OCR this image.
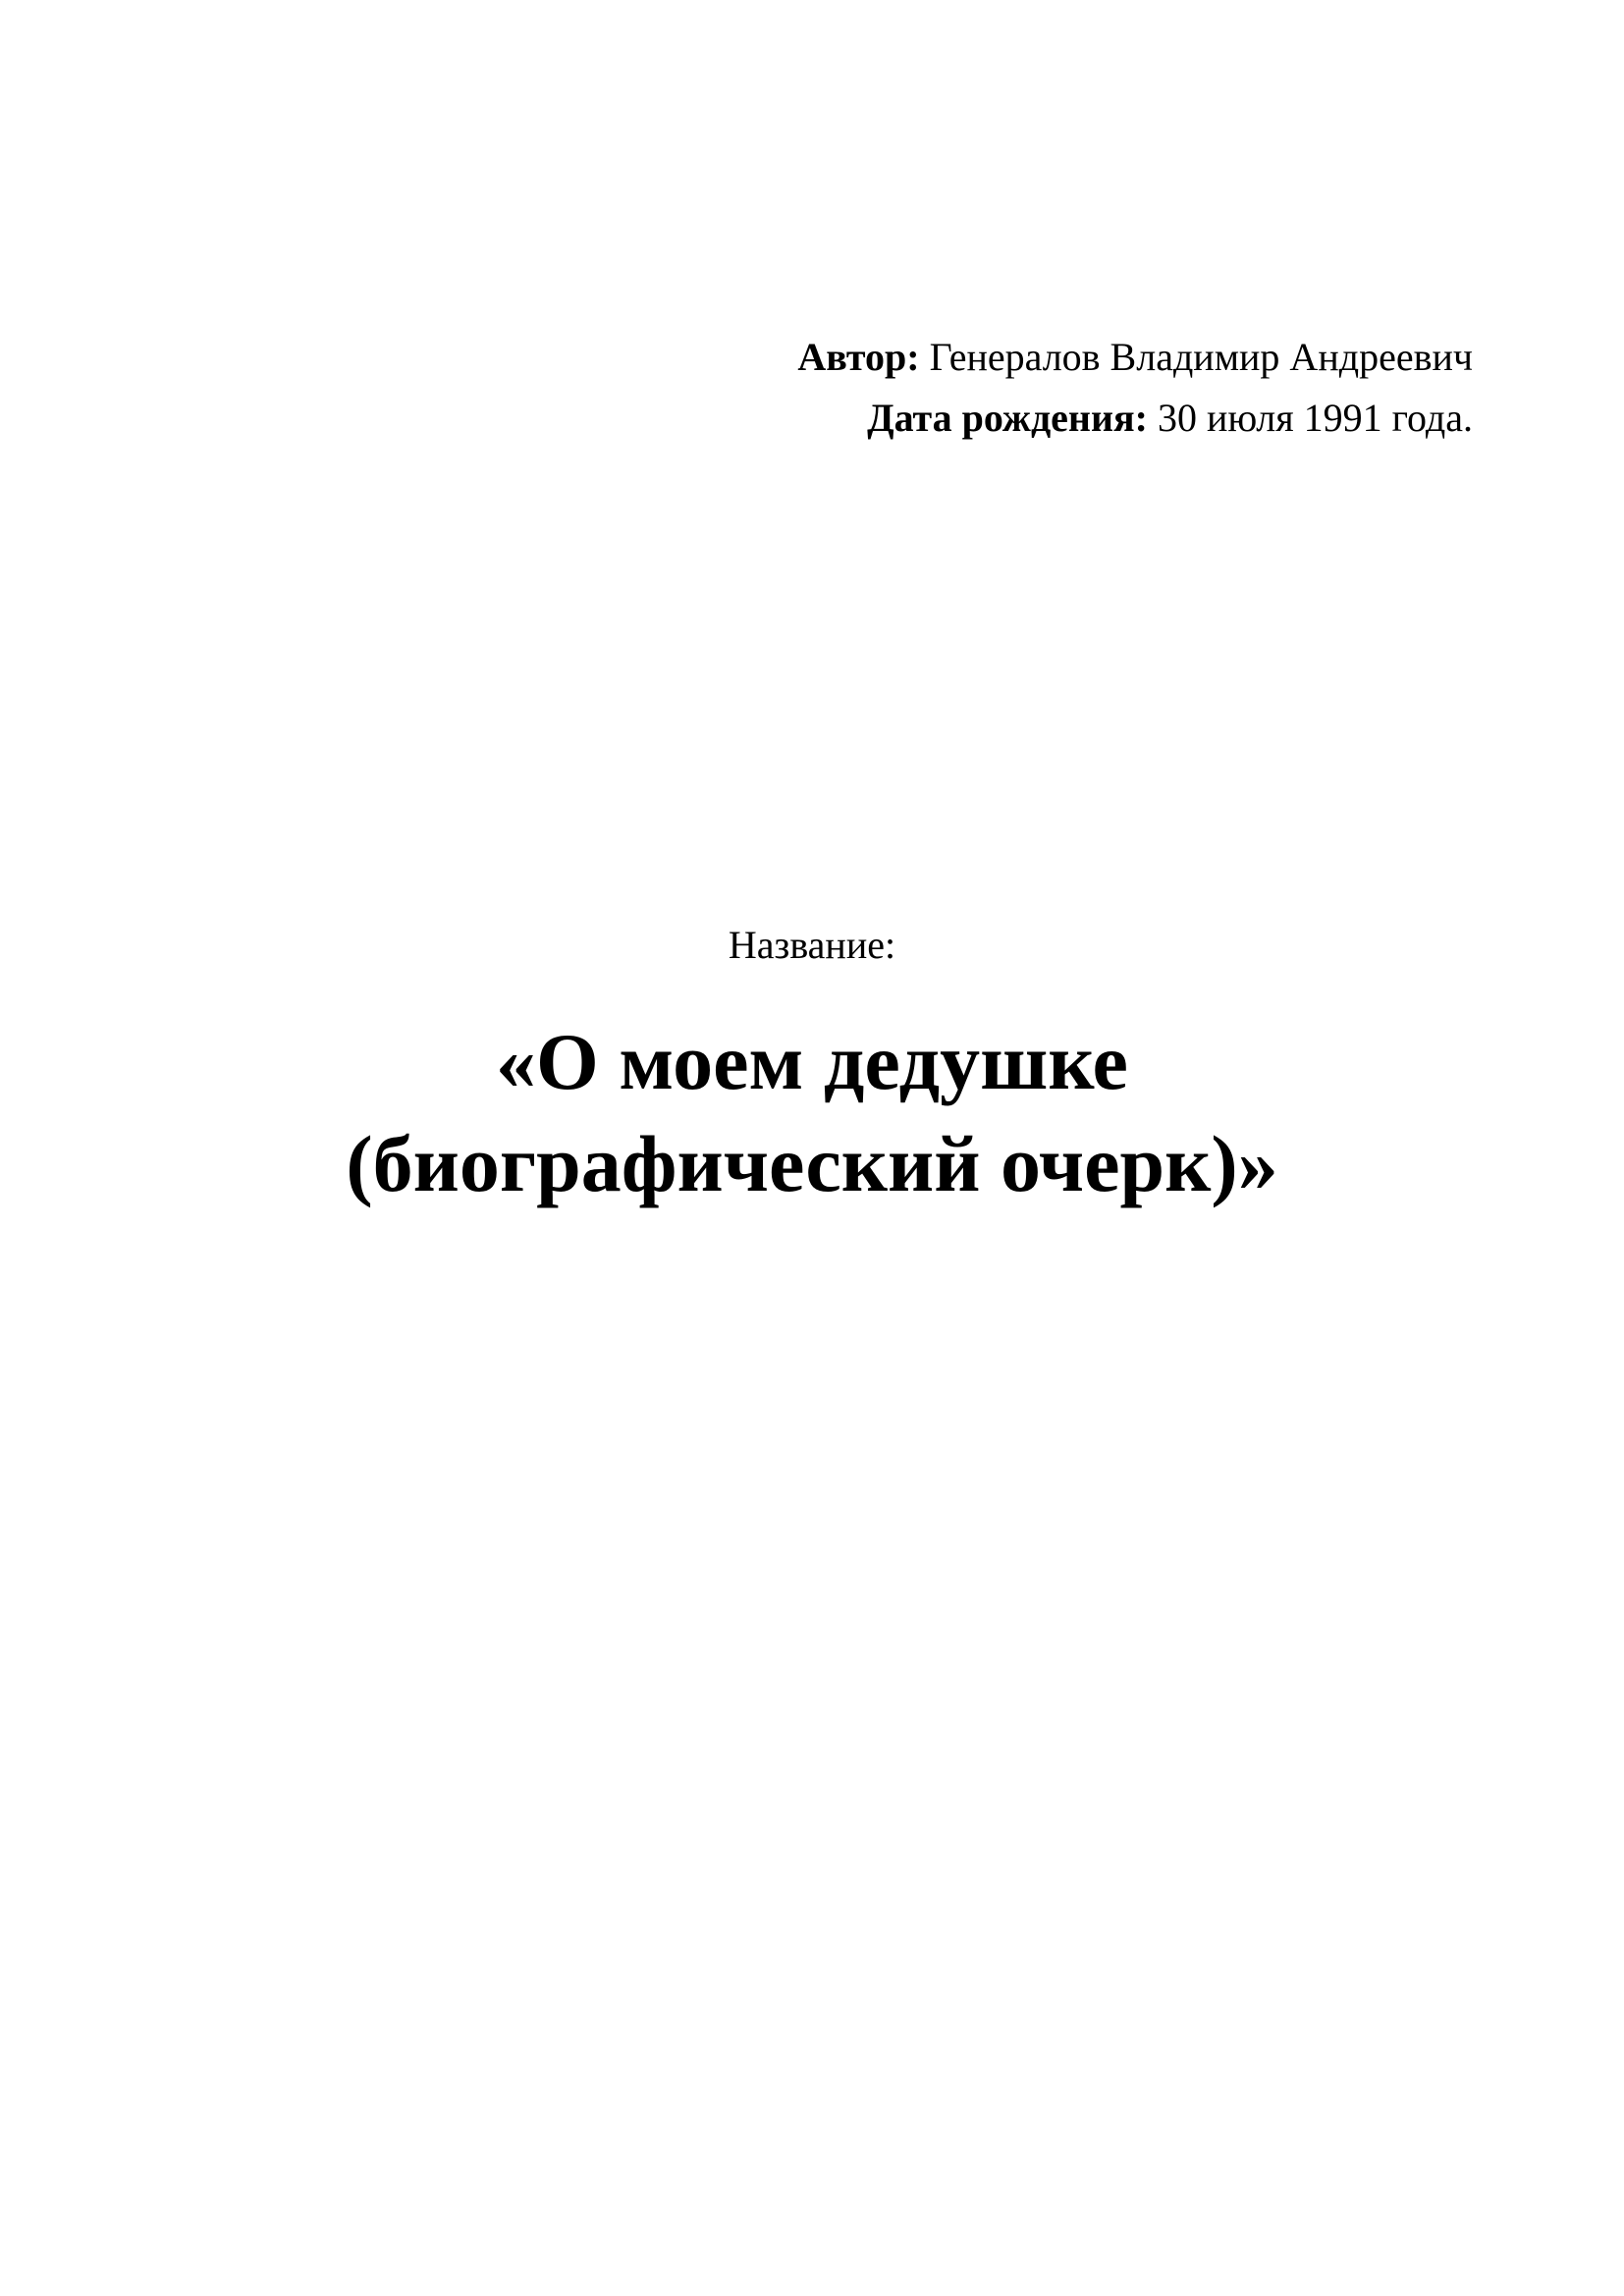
Автор: Генералов Владимир Андреевич
Дата рождения: 30 июля 1991 года.
Название:
«О моем дедушке
(биографический очерк)»
